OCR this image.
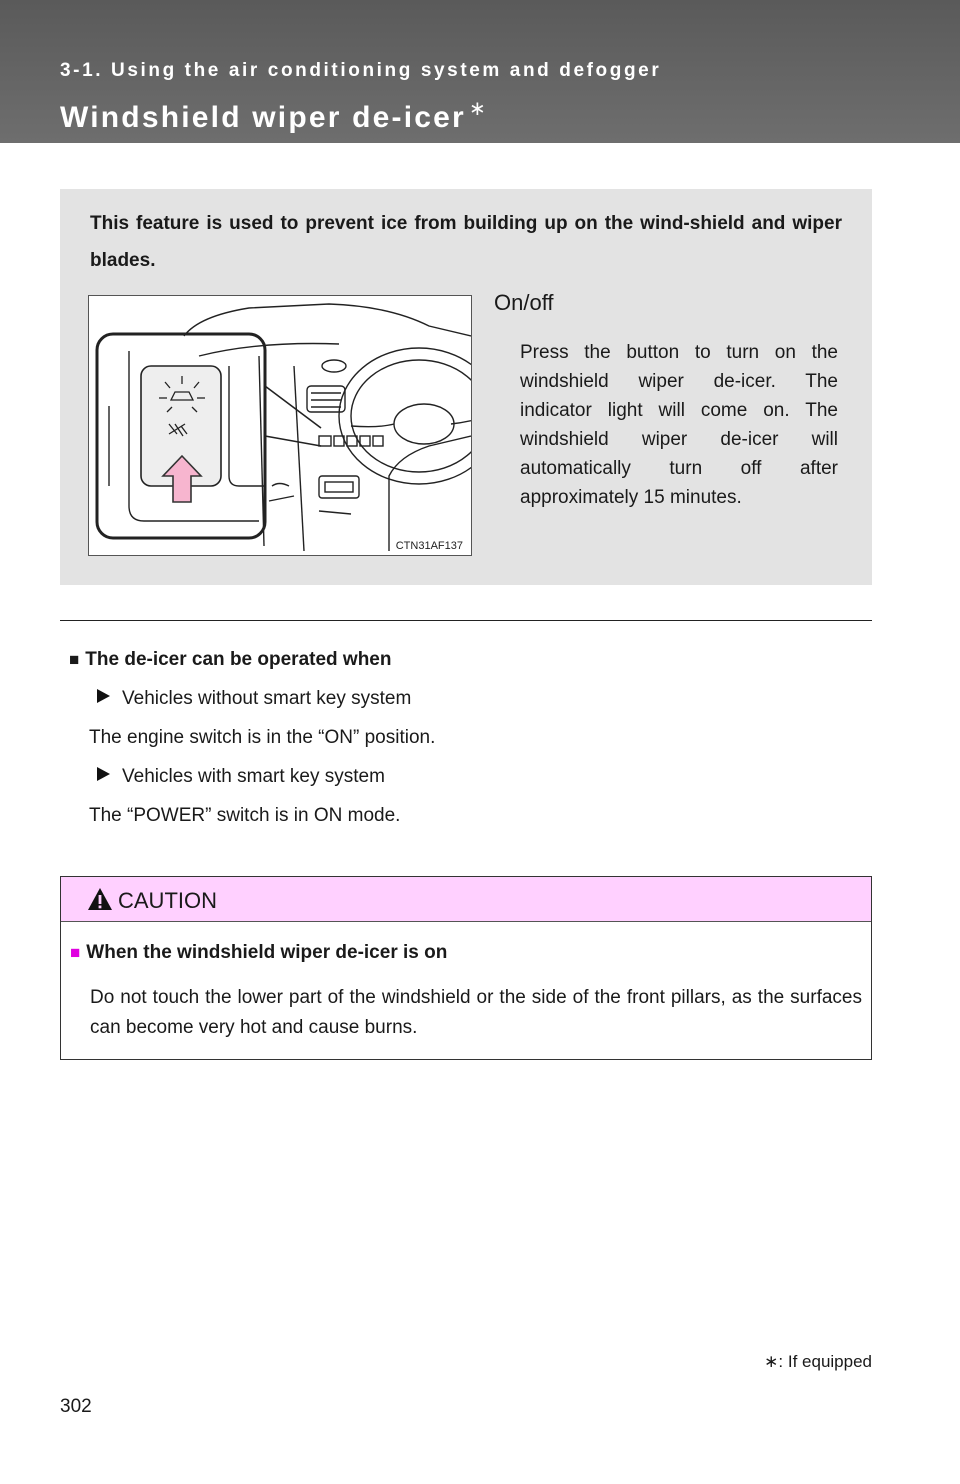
3-1. Using the air conditioning system and defogger

Windshield wiper de-icer ∗

This feature is used to prevent ice from building up on the wind-shield and wiper blades.

CTN31AF137
On/off

Press the button to turn on the windshield wiper de-icer. The indicator light will come on. The windshield wiper de-icer will automatically turn off after approximately 15 minutes.

■ The de-icer can be operated when

Vehicles without smart key system

The engine switch is in the “ON” position.

Vehicles with smart key system

The “POWER” switch is in ON mode.

CAUTION

■ When the windshield wiper de-icer is on

Do not touch the lower part of the windshield or the side of the front pillars, as the surfaces can become very hot and cause burns.

∗: If equipped

302
